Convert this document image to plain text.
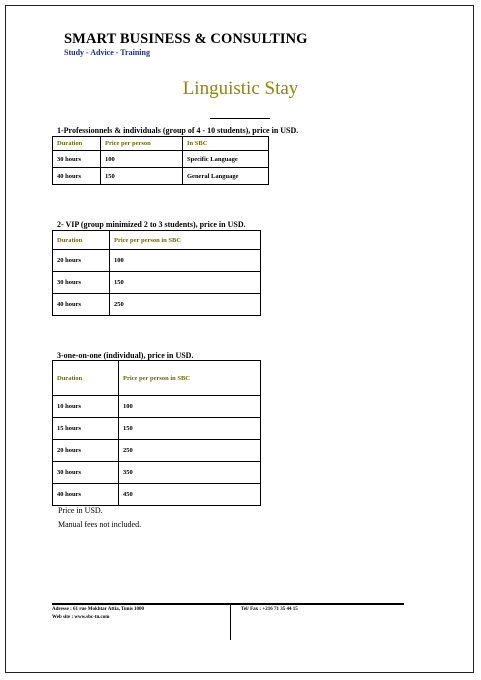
SMART BUSINESS & CONSULTING
Study - Advice - Training
Linguistic Stay
1-Professionnels & individuals (group of 4 - 10 students), price in USD.
Duration	Price per person	In SBC
30 hours	100	Specific Language
40 hours	150	General Language
2- VIP (group minimized 2 to 3 students), price in USD.
Duration	Price per person in SBC
20 hours	100
30 hours	150
40 hours	250
3-one-on-one (individual), price in USD.
Duration	Price per person in SBC
10 hours	100
15 hours	150
20 hours	250
30 hours	350
40 hours	450
Price in USD.
Manual fees not included.
Adresse : 61 rue Mokhtar Attia, Tunis 1000
Web site : www.sbc-tn.com
Tel/ Fax : +216 71 35 44 15
